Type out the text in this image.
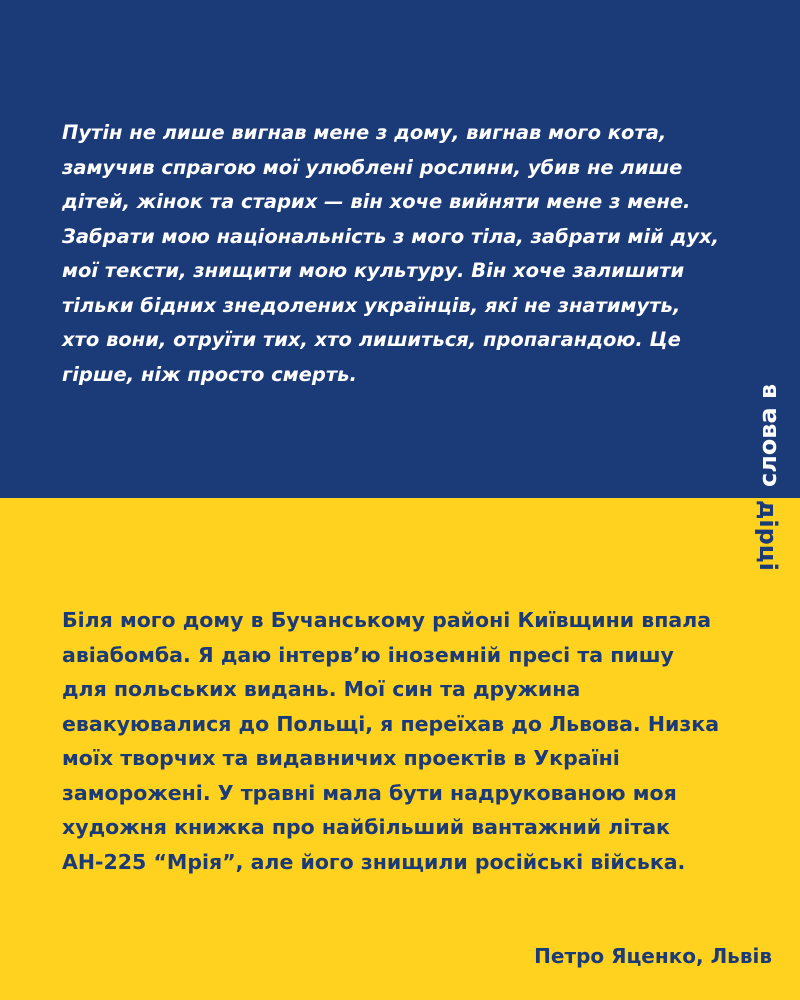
Путін не лише вигнав мене з дому, вигнав мого кота, замучив спрагою мої улюблені рослини, убив не лише дітей, жінок та старих — він хоче вийняти мене з мене. Забрати мою національність з мого тіла, забрати мій дух, мої тексти, знищити мою культуру. Він хоче залишити тільки бідних знедолених українців, які не знатимуть, хто вони, отруїти тих, хто лишиться, пропагандою. Це гірше, ніж просто смерть.

Біля мого дому в Бучанському районі Київщини впала авіабомба. Я даю інтерв’ю іноземній пресі та пишу для польських видань. Мої син та дружина евакуювалися до Польщі, я переїхав до Львова. Низка моїх творчих та видавничих проектів в Україні заморожені. У травні мала бути надрукованою моя художня книжка про найбільший вантажний літак АН-225 “Мрія”, але його знищили російські війська.

Петро Яценко, Львів

слова в
дірці
